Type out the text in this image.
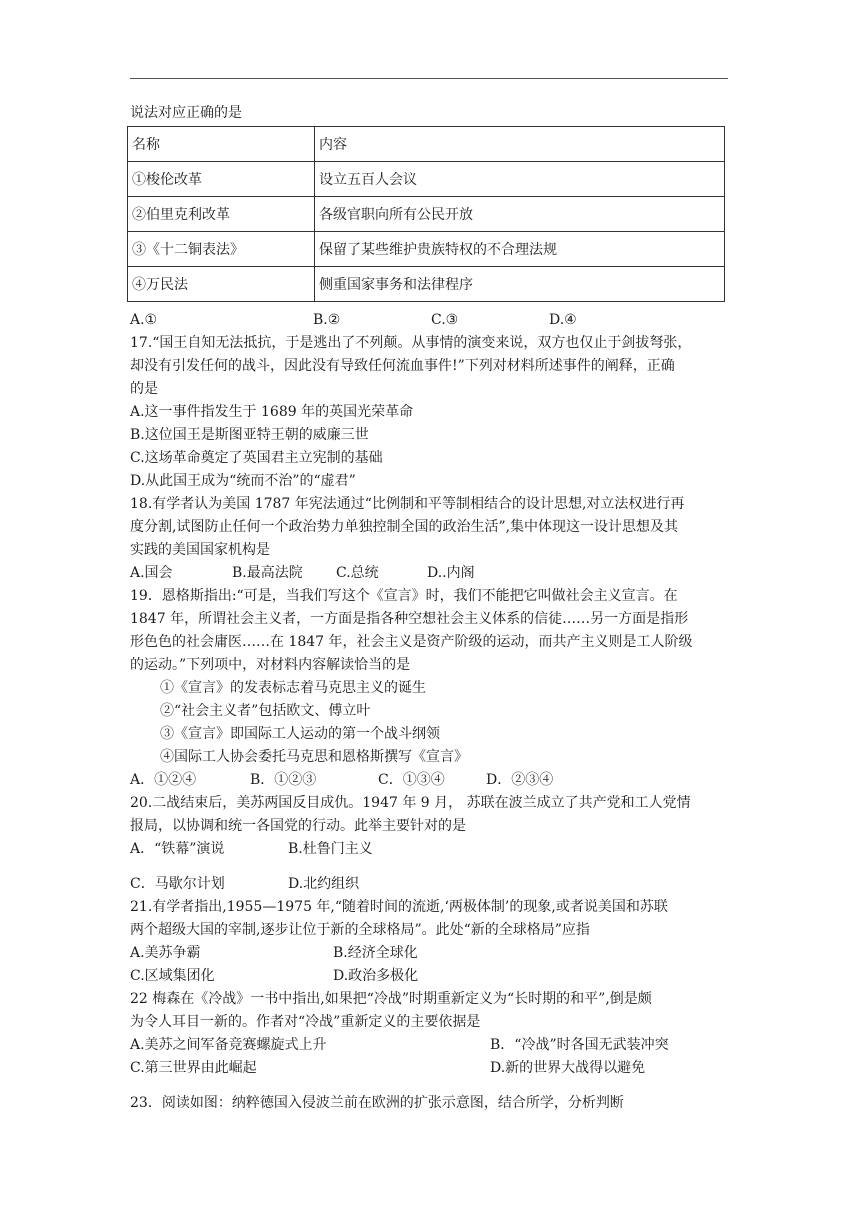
说法对应正确的是
名称	内容
①梭伦改革	设立五百人会议
②伯里克利改革	各级官职向所有公民开放
③《十二铜表法》	保留了某些维护贵族特权的不合理法规
④万民法	侧重国家事务和法律程序
A.①	B.②	C.③	D.④
17.“国王自知无法抵抗，于是逃出了不列颠。从事情的演变来说，双方也仅止于剑拔弩张，
却没有引发任何的战斗，因此没有导致任何流血事件!”下列对材料所述事件的阐释，正确
的是
A.这一事件指发生于 1689 年的英国光荣革命
B.这位国王是斯图亚特王朝的威廉三世
C.这场革命奠定了英国君主立宪制的基础
D.从此国王成为“统而不治”的“虚君”
18.有学者认为美国 1787 年宪法通过“比例制和平等制相结合的设计思想,对立法权进行再
度分割,试图防止任何一个政治势力单独控制全国的政治生活”,集中体现这一设计思想及其
实践的美国国家机构是
A.国会	B.最高法院 C.总统	D..内阁
19．恩格斯指出:“可是，当我们写这个《宣言》时，我们不能把它叫做社会主义宣言。在
1847 年，所谓社会主义者，一方面是指各种空想社会主义体系的信徒……另一方面是指形
形色色的社会庸医……在 1847 年，社会主义是资产阶级的运动，而共产主义则是工人阶级
的运动。”下列项中，对材料内容解读恰当的是
①《宣言》的发表标志着马克思主义的诞生
②“社会主义者”包括欧文、傅立叶
③《宣言》即国际工人运动的第一个战斗纲领
④国际工人协会委托马克思和恩格斯撰写《宣言》
A．①②④	B．①②③	C．①③④	D．②③④
20.二战结束后，美苏两国反目成仇。1947 年 9 月， 苏联在波兰成立了共产党和工人党情
报局，以协调和统一各国党的行动。此举主要针对的是
A．“铁幕”演说	B.杜鲁门主义
C．马歇尔计划	D.北约组织
21.有学者指出,1955—1975 年,“随着时间的流逝,‘两极体制’的现象,或者说美国和苏联
两个超级大国的宰制,逐步让位于新的全球格局”。此处“新的全球格局”应指
A.美苏争霸	B.经济全球化
C.区域集团化	D.政治多极化
22 梅森在《冷战》一书中指出,如果把“冷战”时期重新定义为“长时期的和平”,倒是颇
为令人耳目一新的。作者对“冷战”重新定义的主要依据是
A.美苏之间军备竞赛螺旋式上升	B．“冷战”时各国无武装冲突
C.第三世界由此崛起	D.新的世界大战得以避免
23．阅读如图：纳粹德国入侵波兰前在欧洲的扩张示意图，结合所学，分析判断
